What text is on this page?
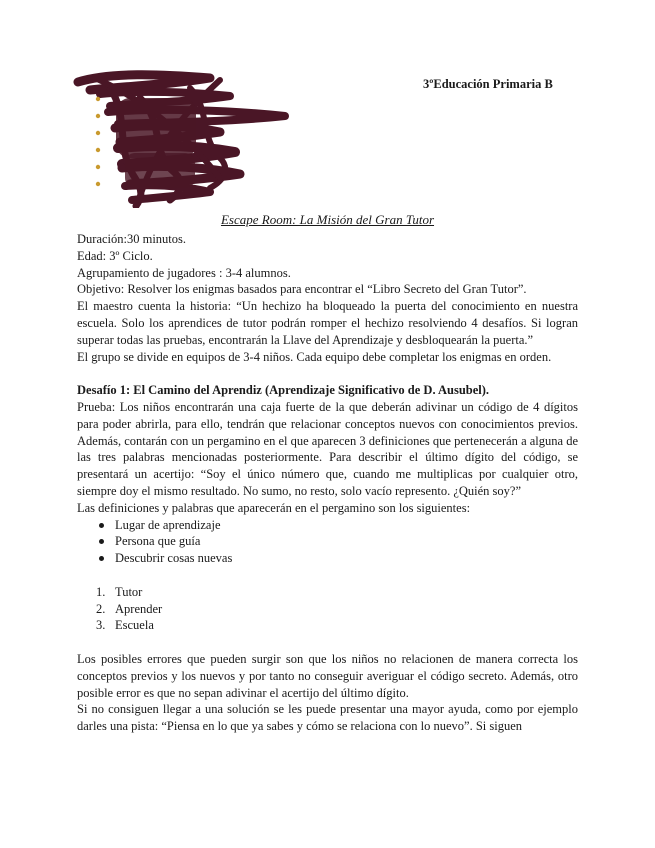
3ºEducación Primaria B
Escape Room: La Misión del Gran Tutor
Duración:30 minutos.
Edad: 3º Ciclo.
Agrupamiento de jugadores : 3-4 alumnos.
Objetivo: Resolver los enigmas basados para encontrar el “Libro Secreto del Gran Tutor”.
El maestro cuenta la historia: “Un hechizo ha bloqueado la puerta del conocimiento en nuestra escuela. Solo los aprendices de tutor podrán romper el hechizo resolviendo 4 desafíos. Si logran superar todas las pruebas, encontrarán la Llave del Aprendizaje y desbloquearán la puerta.”
El grupo se divide en equipos de 3-4 niños. Cada equipo debe completar los enigmas en orden.
Desafío 1: El Camino del Aprendiz (Aprendizaje Significativo de D. Ausubel).
Prueba: Los niños encontrarán una caja fuerte de la que deberán adivinar un código de 4 dígitos para poder abrirla, para ello, tendrán que relacionar conceptos nuevos con conocimientos previos. Además, contarán con un pergamino en el que aparecen 3 definiciones que pertenecerán a alguna de las tres palabras mencionadas posteriormente. Para describir el último dígito del código, se presentará un acertijo: “Soy el único número que, cuando me multiplicas por cualquier otro, siempre doy el mismo resultado. No sumo, no resto, solo vacío represento. ¿Quién soy?”
Las definiciones y palabras que aparecerán en el pergamino son los siguientes:
Lugar de aprendizaje
Persona que guía
Descubrir cosas nuevas
1. Tutor
2. Aprender
3. Escuela
Los posibles errores que pueden surgir son que los niños no relacionen de manera correcta los conceptos previos y los nuevos y por tanto no conseguir averiguar el código secreto. Además, otro posible error es que no sepan adivinar el acertijo del último dígito.
Si no consiguen llegar a una solución se les puede presentar una mayor ayuda, como por ejemplo darles una pista: “Piensa en lo que ya sabes y cómo se relaciona con lo nuevo”. Si siguen
